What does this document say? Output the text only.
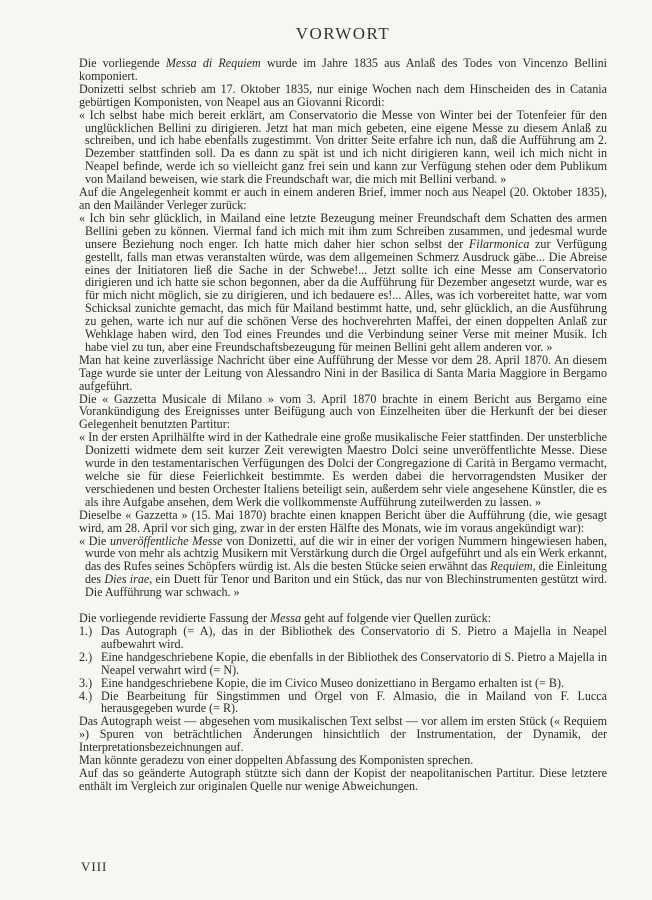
VORWORT

Die vorliegende Messa di Requiem wurde im Jahre 1835 aus Anlaß des Todes von Vincenzo Bellini komponiert.

Donizetti selbst schrieb am 17. Oktober 1835, nur einige Wochen nach dem Hinscheiden des in Catania gebürtigen Komponisten, von Neapel aus an Giovanni Ricordi:

« Ich selbst habe mich bereit erklärt, am Conservatorio die Messe von Winter bei der Totenfeier für den unglücklichen Bellini zu dirigieren. Jetzt hat man mich gebeten, eine eigene Messe zu diesem Anlaß zu schreiben, und ich habe ebenfalls zugestimmt. Von dritter Seite erfahre ich nun, daß die Aufführung am 2. Dezember stattfinden soll. Da es dann zu spät ist und ich nicht dirigieren kann, weil ich mich nicht in Neapel befinde, werde ich so vielleicht ganz frei sein und kann zur Verfügung stehen oder dem Publikum von Mailand beweisen, wie stark die Freundschaft war, die mich mit Bellini verband. »

Auf die Angelegenheit kommt er auch in einem anderen Brief, immer noch aus Neapel (20. Oktober 1835), an den Mailänder Verleger zurück:

« Ich bin sehr glücklich, in Mailand eine letzte Bezeugung meiner Freundschaft dem Schatten des armen Bellini geben zu können. Viermal fand ich mich mit ihm zum Schreiben zusammen, und jedesmal wurde unsere Beziehung noch enger. Ich hatte mich daher hier schon selbst der Filarmonica zur Verfügung gestellt, falls man etwas veranstalten würde, was dem allgemeinen Schmerz Ausdruck gäbe... Die Abreise eines der Initiatoren ließ die Sache in der Schwebe!... Jetzt sollte ich eine Messe am Conservatorio dirigieren und ich hatte sie schon begonnen, aber da die Aufführung für Dezember angesetzt wurde, war es für mich nicht möglich, sie zu dirigieren, und ich bedauere es!... Alles, was ich vorbereitet hatte, war vom Schicksal zunichte gemacht, das mich für Mailand bestimmt hatte, und, sehr glücklich, an die Ausführung zu gehen, warte ich nur auf die schönen Verse des hochverehrten Maffei, der einen doppelten Anlaß zur Wehklage haben wird, den Tod eines Freundes und die Verbindung seiner Verse mit meiner Musik. Ich habe viel zu tun, aber eine Freundschaftsbezeugung für meinen Bellini geht allem anderen vor. »

Man hat keine zuverlässige Nachricht über eine Aufführung der Messe vor dem 28. April 1870. An diesem Tage wurde sie unter der Leitung von Alessandro Nini in der Basilica di Santa Maria Maggiore in Bergamo aufgeführt.

Die « Gazzetta Musicale di Milano » vom 3. April 1870 brachte in einem Bericht aus Bergamo eine Vorankündigung des Ereignisses unter Beifügung auch von Einzelheiten über die Herkunft der bei dieser Gelegenheit benutzten Partitur:

« In der ersten Aprilhälfte wird in der Kathedrale eine große musikalische Feier stattfinden. Der unsterbliche Donizetti widmete dem seit kurzer Zeit verewigten Maestro Dolci seine unveröffentlichte Messe. Diese wurde in den testamentarischen Verfügungen des Dolci der Congregazione di Carità in Bergamo vermacht, welche sie für diese Feierlichkeit bestimmte. Es werden dabei die hervorragendsten Musiker der verschiedenen und besten Orchester Italiens beteiligt sein, außerdem sehr viele angesehene Künstler, die es als ihre Aufgabe ansehen, dem Werk die vollkommenste Aufführung zuteilwerden zu lassen. »

Dieselbe « Gazzetta » (15. Mai 1870) brachte einen knappen Bericht über die Aufführung (die, wie gesagt wird, am 28. April vor sich ging, zwar in der ersten Hälfte des Monats, wie im voraus angekündigt war):

« Die unveröffentliche Messe von Donizetti, auf die wir in einer der vorigen Nummern hingewiesen haben, wurde von mehr als achtzig Musikern mit Verstärkung durch die Orgel aufgeführt und als ein Werk erkannt, das des Rufes seines Schöpfers würdig ist. Als die besten Stücke seien erwähnt das Requiem, die Einleitung des Dies irae, ein Duett für Tenor und Bariton und ein Stück, das nur von Blechinstrumenten gestützt wird. Die Aufführung war schwach. »

Die vorliegende revidierte Fassung der Messa geht auf folgende vier Quellen zurück:

1.) Das Autograph (= A), das in der Bibliothek des Conservatorio di S. Pietro a Majella in Neapel aufbewahrt wird.
2.) Eine handgeschriebene Kopie, die ebenfalls in der Bibliothek des Conservatorio di S. Pietro a Majella in Neapel verwahrt wird (= N).
3.) Eine handgeschriebene Kopie, die im Civico Museo donizettiano in Bergamo erhalten ist (= B).
4.) Die Bearbeitung für Singstimmen und Orgel von F. Almasio, die in Mailand von F. Lucca herausgegeben wurde (= R).

Das Autograph weist — abgesehen vom musikalischen Text selbst — vor allem im ersten Stück (« Requiem ») Spuren von beträchtlichen Änderungen hinsichtlich der Instrumentation, der Dynamik, der Interpretationsbezeichnungen auf.

Man könnte geradezu von einer doppelten Abfassung des Komponisten sprechen.

Auf das so geänderte Autograph stützte sich dann der Kopist der neapolitanischen Partitur. Diese letztere enthält im Vergleich zur originalen Quelle nur wenige Abweichungen.

VIII
